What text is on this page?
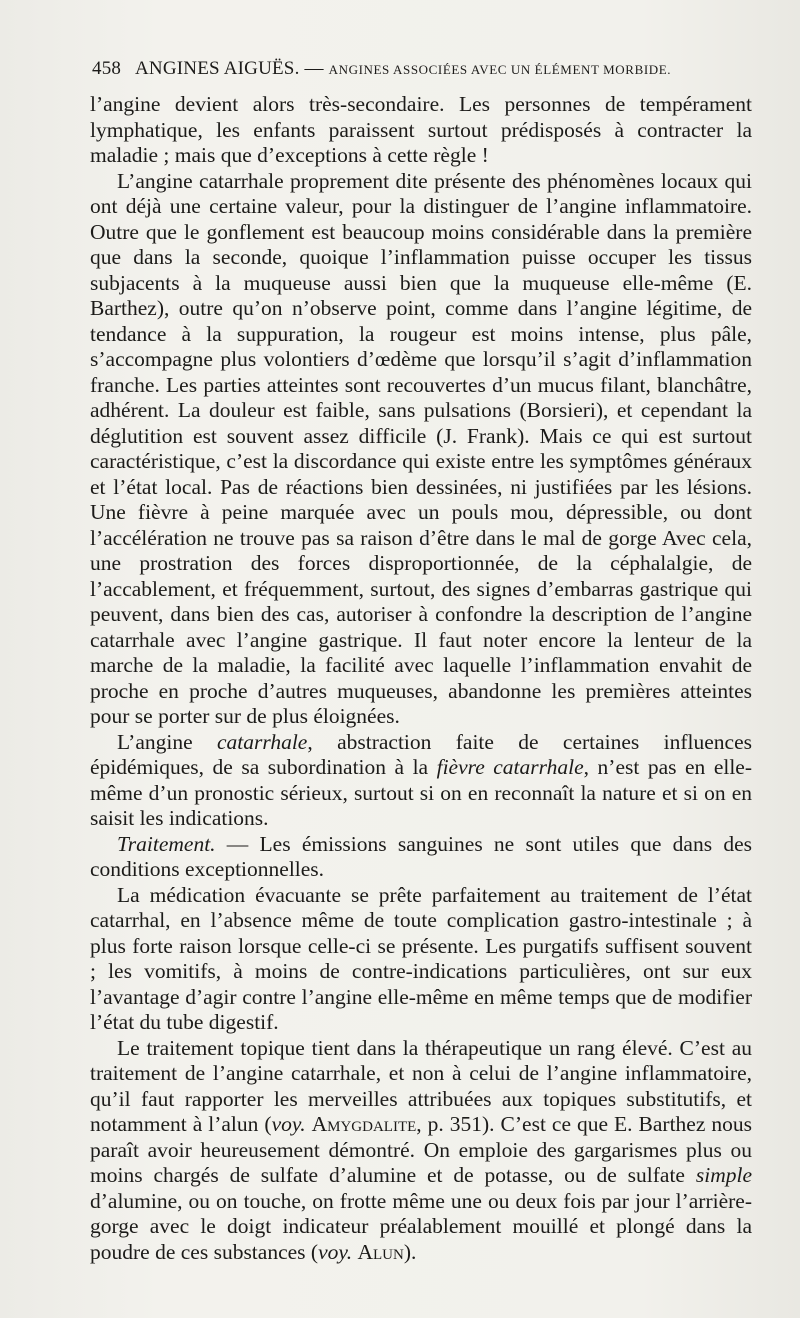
458 ANGINES AIGUËS. — ANGINES ASSOCIÉES AVEC UN ÉLÉMENT MORBIDE.

l’angine devient alors très-secondaire. Les personnes de tempérament lymphatique, les enfants paraissent surtout prédisposés à contracter la maladie ; mais que d’exceptions à cette règle !

L’angine catarrhale proprement dite présente des phénomènes locaux qui ont déjà une certaine valeur, pour la distinguer de l’angine inflammatoire. Outre que le gonflement est beaucoup moins considérable dans la première que dans la seconde, quoique l’inflammation puisse occuper les tissus subjacents à la muqueuse aussi bien que la muqueuse elle-même (E. Barthez), outre qu’on n’observe point, comme dans l’angine légitime, de tendance à la suppuration, la rougeur est moins intense, plus pâle, s’accompagne plus volontiers d’œdème que lorsqu’il s’agit d’inflammation franche. Les parties atteintes sont recouvertes d’un mucus filant, blanchâtre, adhérent. La douleur est faible, sans pulsations (Borsieri), et cependant la déglutition est souvent assez difficile (J. Frank). Mais ce qui est surtout caractéristique, c’est la discordance qui existe entre les symptômes généraux et l’état local. Pas de réactions bien dessinées, ni justifiées par les lésions. Une fièvre à peine marquée avec un pouls mou, dépressible, ou dont l’accélération ne trouve pas sa raison d’être dans le mal de gorge Avec cela, une prostration des forces disproportionnée, de la céphalalgie, de l’accablement, et fréquemment, surtout, des signes d’embarras gastrique qui peuvent, dans bien des cas, autoriser à confondre la description de l’angine catarrhale avec l’angine gastrique. Il faut noter encore la lenteur de la marche de la maladie, la facilité avec laquelle l’inflammation envahit de proche en proche d’autres muqueuses, abandonne les premières atteintes pour se porter sur de plus éloignées.

L’angine catarrhale, abstraction faite de certaines influences épidémiques, de sa subordination à la fièvre catarrhale, n’est pas en elle-même d’un pronostic sérieux, surtout si on en reconnaît la nature et si on en saisit les indications.

Traitement. — Les émissions sanguines ne sont utiles que dans des conditions exceptionnelles.

La médication évacuante se prête parfaitement au traitement de l’état catarrhal, en l’absence même de toute complication gastro-intestinale ; à plus forte raison lorsque celle-ci se présente. Les purgatifs suffisent souvent ; les vomitifs, à moins de contre-indications particulières, ont sur eux l’avantage d’agir contre l’angine elle-même en même temps que de modifier l’état du tube digestif.

Le traitement topique tient dans la thérapeutique un rang élevé. C’est au traitement de l’angine catarrhale, et non à celui de l’angine inflammatoire, qu’il faut rapporter les merveilles attribuées aux topiques substitutifs, et notamment à l’alun (voy. Amygdalite, p. 351). C’est ce que E. Barthez nous paraît avoir heureusement démontré. On emploie des gargarismes plus ou moins chargés de sulfate d’alumine et de potasse, ou de sulfate simple d’alumine, ou on touche, on frotte même une ou deux fois par jour l’arrière-gorge avec le doigt indicateur préalablement mouillé et plongé dans la poudre de ces substances (voy. Alun).
